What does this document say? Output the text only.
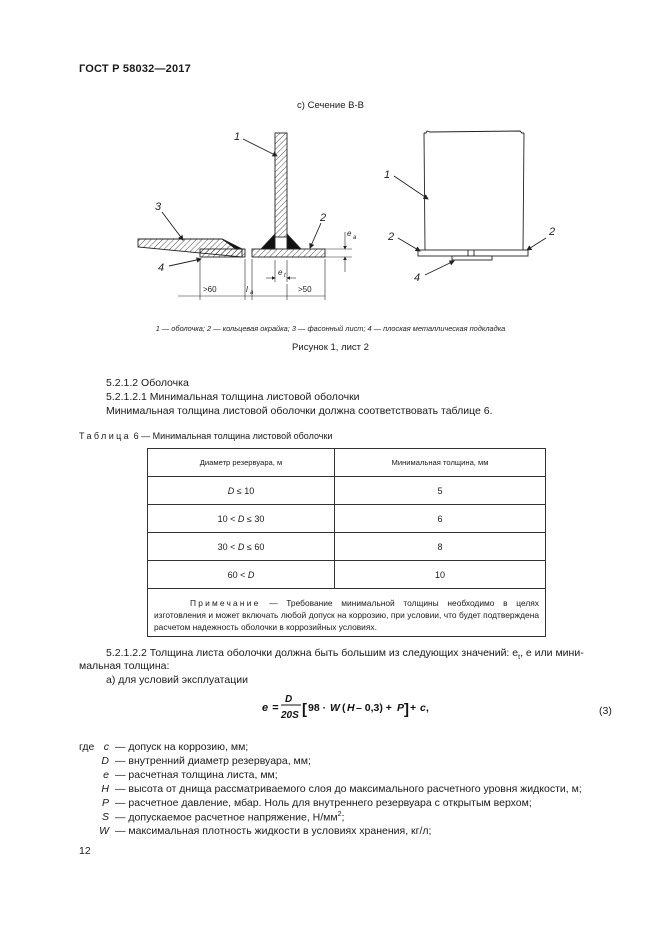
ГОСТ Р 58032—2017
с) Сечение В-В
1
3
2
4
e a
e t
l a
>60	>50
1
2	2
4
1 — оболочка; 2 — кольцевая окрайка; 3 — фасонный лист; 4 — плоская металлическая подкладка
Рисунок 1, лист 2
5.2.1.2 Оболочка
5.2.1.2.1 Минимальная толщина листовой оболочки
Минимальная толщина листовой оболочки должна соответствовать таблице 6.
Таблица 6 — Минимальная толщина листовой оболочки
Диаметр резервуара, м	Минимальная толщина, мм
D ≤ 10	5
10 < D ≤ 30	6
30 < D ≤ 60	8
60 < D	10
Примечание — Требование минимальной толщины необходимо в целях изготовления и может включать любой допуск на коррозию, при условии, что будет подтверждена расчетом надежность оболочки в коррозийных условиях.	
5.2.1.2.2 Толщина листа оболочки должна быть большим из следующих значений: $e_t$, e или мини-
мальная толщина:
а) для условий эксплуатации
e =
D
20S [ 98 · W ( H – 0,3) + P ] + c ,	(3)
где c — допуск на коррозию, мм;
D — внутренний диаметр резервуара, мм;
e — расчетная толщина листа, мм;
H — высота от днища рассматриваемого слоя до максимального расчетного уровня жидкости, м;
P — расчетное давление, мбар. Ноль для внутреннего резервуара с открытым верхом;
S — допускаемое расчетное напряжение, $Н/мм^2$;
W — максимальная плотность жидкости в условиях хранения, кг/л;
12
